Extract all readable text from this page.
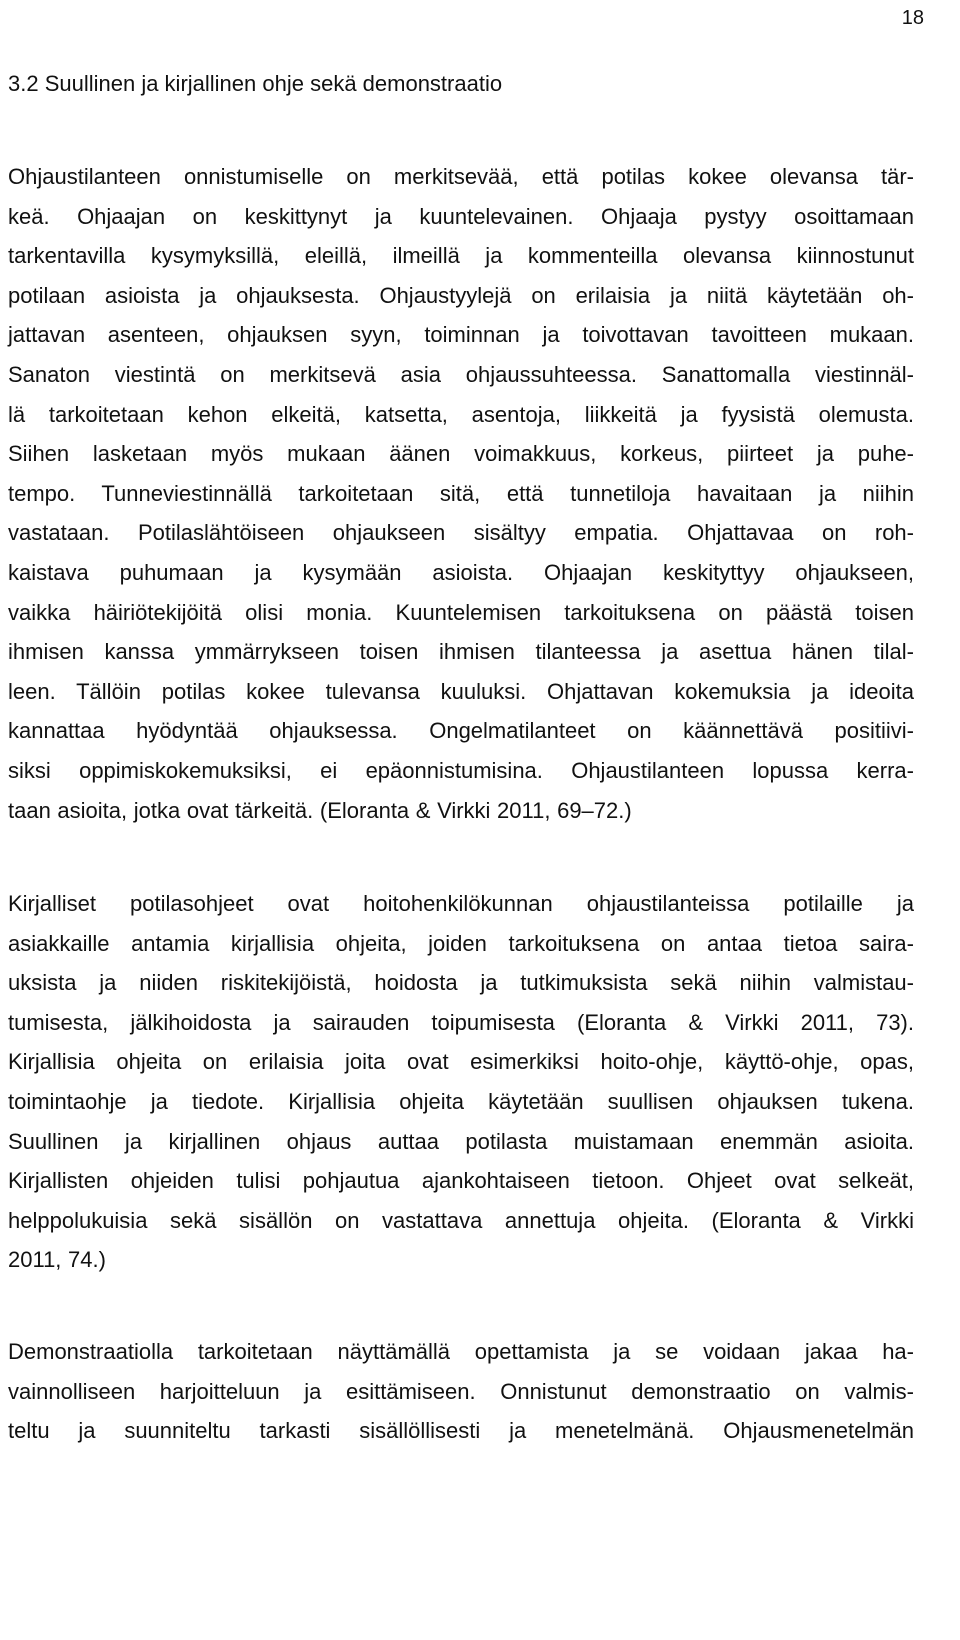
18
3.2 Suullinen ja kirjallinen ohje sekä demonstraatio
Ohjaustilanteen onnistumiselle on merkitsevää, että potilas kokee olevansa tär-
keä. Ohjaajan on keskittynyt ja kuuntelevainen. Ohjaaja pystyy osoittamaan
tarkentavilla kysymyksillä, eleillä, ilmeillä ja kommenteilla olevansa kiinnostunut
potilaan asioista ja ohjauksesta. Ohjaustyylejä on erilaisia ja niitä käytetään oh-
jattavan asenteen, ohjauksen syyn, toiminnan ja toivottavan tavoitteen mukaan.
Sanaton viestintä on merkitsevä asia ohjaussuhteessa. Sanattomalla viestinnäl-
lä tarkoitetaan kehon elkeitä, katsetta, asentoja, liikkeitä ja fyysistä olemusta.
Siihen lasketaan myös mukaan äänen voimakkuus, korkeus, piirteet ja puhe-
tempo. Tunneviestinnällä tarkoitetaan sitä, että tunnetiloja havaitaan ja niihin
vastataan. Potilaslähtöiseen ohjaukseen sisältyy empatia. Ohjattavaa on roh-
kaistava puhumaan ja kysymään asioista. Ohjaajan keskityttyy ohjaukseen,
vaikka häiriötekijöitä olisi monia. Kuuntelemisen tarkoituksena on päästä toisen
ihmisen kanssa ymmärrykseen toisen ihmisen tilanteessa ja asettua hänen tilal-
leen. Tällöin potilas kokee tulevansa kuuluksi. Ohjattavan kokemuksia ja ideoita
kannattaa hyödyntää ohjauksessa. Ongelmatilanteet on käännettävä positiivi-
siksi oppimiskokemuksiksi, ei epäonnistumisina. Ohjaustilanteen lopussa kerra-
taan asioita, jotka ovat tärkeitä. (Eloranta & Virkki 2011, 69–72.)
Kirjalliset potilasohjeet ovat hoitohenkilökunnan ohjaustilanteissa potilaille ja
asiakkaille antamia kirjallisia ohjeita, joiden tarkoituksena on antaa tietoa saira-
uksista ja niiden riskitekijöistä, hoidosta ja tutkimuksista sekä niihin valmistau-
tumisesta, jälkihoidosta ja sairauden toipumisesta (Eloranta & Virkki 2011, 73).
Kirjallisia ohjeita on erilaisia joita ovat esimerkiksi hoito-ohje, käyttö-ohje, opas,
toimintaohje ja tiedote. Kirjallisia ohjeita käytetään suullisen ohjauksen tukena.
Suullinen ja kirjallinen ohjaus auttaa potilasta muistamaan enemmän asioita.
Kirjallisten ohjeiden tulisi pohjautua ajankohtaiseen tietoon. Ohjeet ovat selkeät,
helppolukuisia sekä sisällön on vastattava annettuja ohjeita. (Eloranta & Virkki
2011, 74.)
Demonstraatiolla tarkoitetaan näyttämällä opettamista ja se voidaan jakaa ha-
vainnolliseen harjoitteluun ja esittämiseen. Onnistunut demonstraatio on valmis-
teltu ja suunniteltu tarkasti sisällöllisesti ja menetelmänä. Ohjausmenetelmän
